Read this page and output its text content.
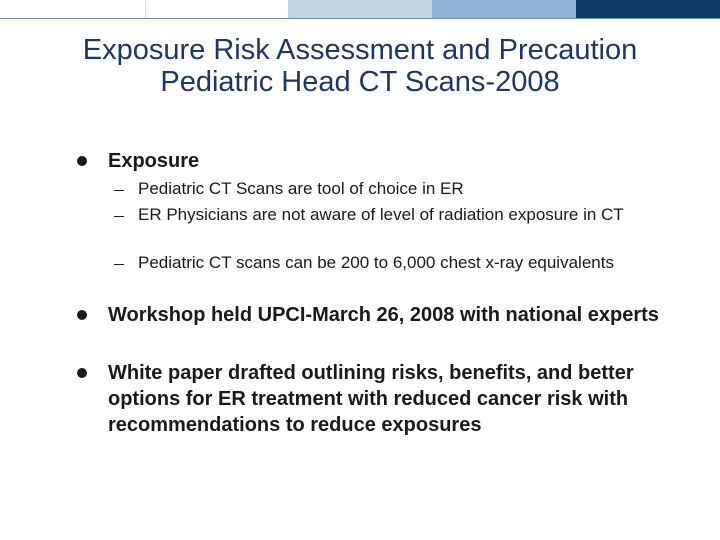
Exposure Risk Assessment and Precaution
Pediatric Head CT Scans-2008
Exposure
Pediatric CT Scans are tool of choice in ER
ER Physicians are not aware of level of radiation exposure in CT
Pediatric CT scans can be 200 to 6,000 chest x-ray equivalents
Workshop held UPCI-March 26, 2008 with national experts
White paper drafted outlining risks, benefits, and better options for ER treatment with reduced cancer risk with recommendations to reduce exposures
